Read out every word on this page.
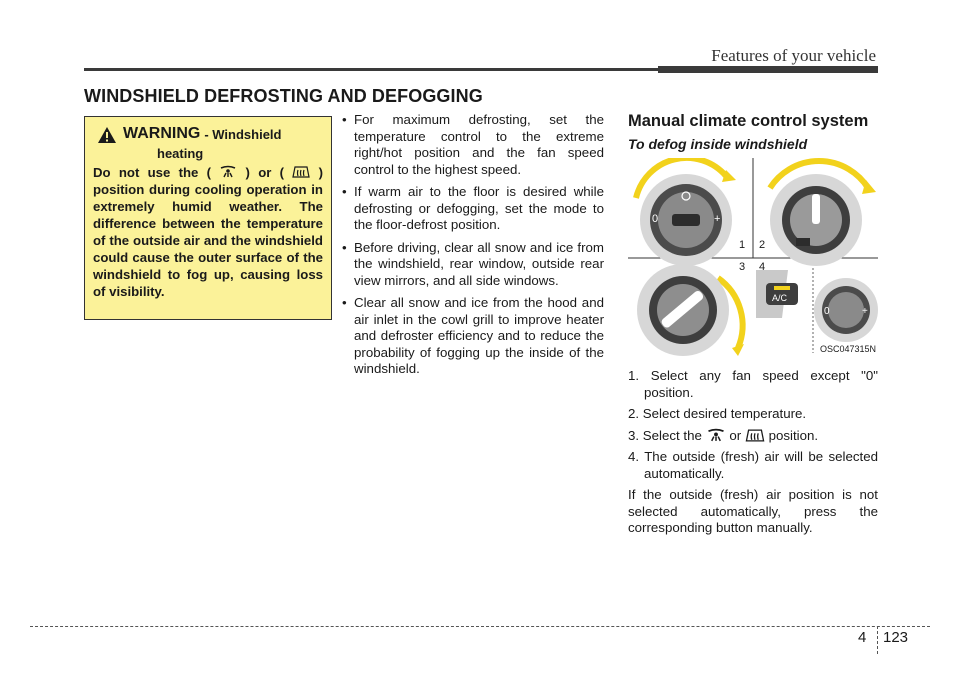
Features of your vehicle
WINDSHIELD DEFROSTING AND DEFOGGING
WARNING - Windshield
heating
Do not use the (	) or (	) position during cooling operation in extremely humid weather. The difference between the temperature of the outside air and the windshield could cause the outer surface of the windshield to fog up, causing loss of visibility.
• For maximum defrosting, set the temperature control to the extreme right/hot position and the fan speed control to the highest speed.
• If warm air to the floor is desired while defrosting or defogging, set the mode to the floor-defrost position.
• Before driving, clear all snow and ice from the windshield, rear window, outside rear view mirrors, and all side windows.
• Clear all snow and ice from the hood and air inlet in the cowl grill to improve heater and defroster efficiency and to reduce the probability of fogging up the inside of the windshield.
Manual climate control system
To defog inside windshield
0	+
A/C
0	+
1 2
3 4
OSC047315N
1. Select any fan speed except "0" position.
2. Select desired temperature.
3. Select the or position.
4. The outside (fresh) air will be selected automatically.
If the outside (fresh) air position is not selected automatically, press the corresponding button manually.
4 123
